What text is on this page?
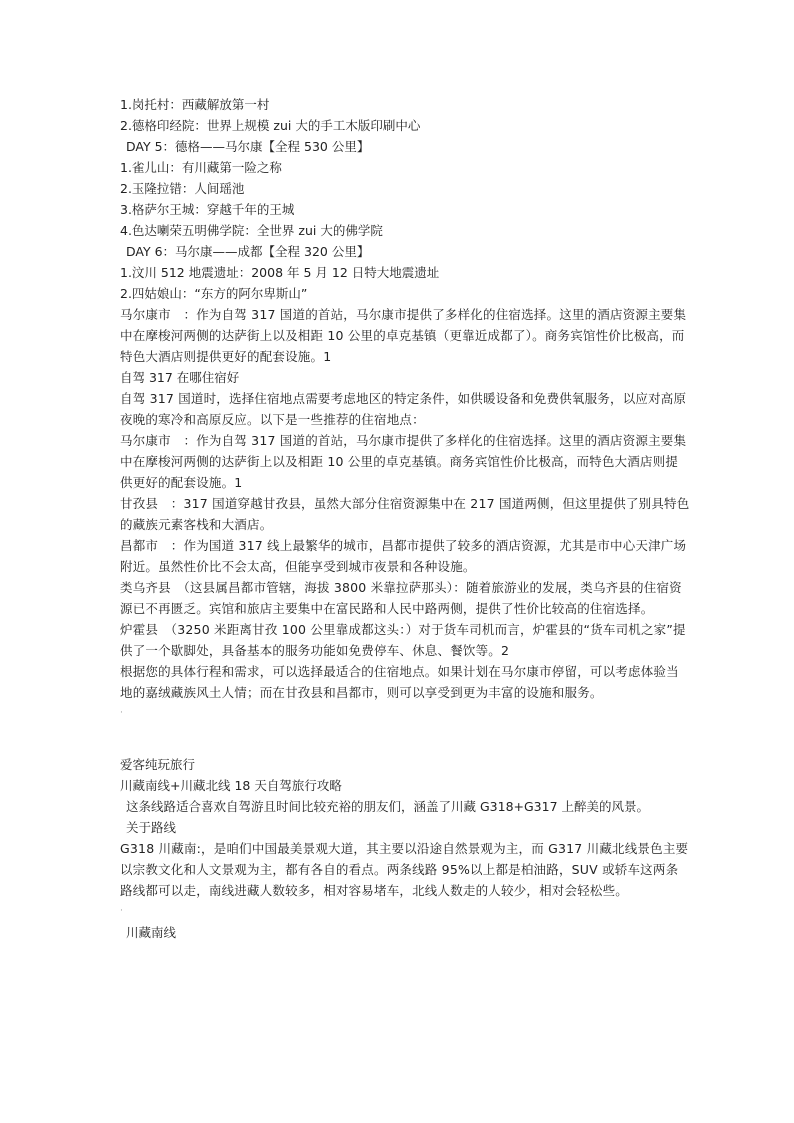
1.岗托村：西藏解放第一村
2.德格印经院：世界上规模 zui 大的手工木版印刷中心
DAY 5：德格——马尔康【全程 530 公里】
1.雀儿山：有川藏第一险之称
2.玉隆拉错：人间瑶池
3.格萨尔王城：穿越千年的王城
4.色达喇荣五明佛学院：全世界 zui 大的佛学院
DAY 6：马尔康——成都【全程 320 公里】
1.汶川 512 地震遗址：2008 年 5 月 12 日特大地震遗址
2.四姑娘山：“东方的阿尔卑斯山”
马尔康市　：作为自驾 317 国道的首站，马尔康市提供了多样化的住宿选择。这里的酒店资源主要集中在摩梭河两侧的达萨街上以及相距 10 公里的卓克基镇（更靠近成都了）。商务宾馆性价比极高，而特色大酒店则提供更好的配套设施。1
自驾 317 在哪住宿好
自驾 317 国道时，选择住宿地点需要考虑地区的特定条件，如供暖设备和免费供氧服务，以应对高原夜晚的寒冷和高原反应。以下是一些推荐的住宿地点：
马尔康市　：作为自驾 317 国道的首站，马尔康市提供了多样化的住宿选择。这里的酒店资源主要集中在摩梭河两侧的达萨街上以及相距 10 公里的卓克基镇。商务宾馆性价比极高，而特色大酒店则提供更好的配套设施。1
甘孜县　：317 国道穿越甘孜县，虽然大部分住宿资源集中在 217 国道两侧，但这里提供了别具特色的藏族元素客栈和大酒店。
昌都市　：作为国道 317 线上最繁华的城市，昌都市提供了较多的酒店资源，尤其是市中心天津广场附近。虽然性价比不会太高，但能享受到城市夜景和各种设施。
类乌齐县　（这县属昌都市管辖，海拔 3800 米靠拉萨那头）：随着旅游业的发展，类乌齐县的住宿资源已不再匮乏。宾馆和旅店主要集中在富民路和人民中路两侧，提供了性价比较高的住宿选择。
炉霍县　（3250 米距离甘孜 100 公里靠成都这头：）对于货车司机而言，炉霍县的“货车司机之家”提供了一个歇脚处，具备基本的服务功能如免费停车、休息、餐饮等。2
根据您的具体行程和需求，可以选择最适合的住宿地点。如果计划在马尔康市停留，可以考虑体验当地的嘉绒藏族风土人情；而在甘孜县和昌都市，则可以享受到更为丰富的设施和服务。
·
爱客纯玩旅行
川藏南线+川藏北线 18 天自驾旅行攻略
这条线路适合喜欢自驾游且时间比较充裕的朋友们，涵盖了川藏 G318+G317 上醉美的风景。
关于路线
G318 川藏南:，是咱们中国最美景观大道，其主要以沿途自然景观为主，而 G317 川藏北线景色主要以宗教文化和人文景观为主，都有各自的看点。两条线路 95%以上都是柏油路，SUV 或轿车这两条路线都可以走，南线进藏人数较多，相对容易堵车，北线人数走的人较少，相对会轻松些。
·
川藏南线
